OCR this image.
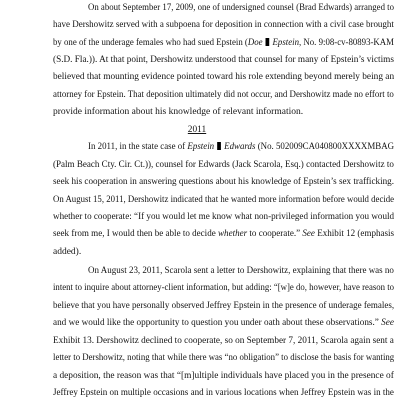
On about September 17, 2009, one of undersigned counsel (Brad Edwards) arranged to
have Dershowitz served with a subpoena for deposition in connection with a civil case brought
by one of the underage females who had sued Epstein (Doe Epstein, No. 9:08-cv-80893-KAM
(S.D. Fla.)). At that point, Dershowitz understood that counsel for many of Epstein’s victims
believed that mounting evidence pointed toward his role extending beyond merely being an
attorney for Epstein. That deposition ultimately did not occur, and Dershowitz made no effort to
provide information about his knowledge of relevant information.
2011
In 2011, in the state case of Epstein Edwards (No. 502009CA040800XXXXMBAG
(Palm Beach Cty. Cir. Ct.)), counsel for Edwards (Jack Scarola, Esq.) contacted Dershowitz to
seek his cooperation in answering questions about his knowledge of Epstein’s sex trafficking.
On August 15, 2011, Dershowitz indicated that he wanted more information before would decide
whether to cooperate: “If you would let me know what non-privileged information you would
seek from me, I would then be able to decide whether to cooperate.” See Exhibit 12 (emphasis
added).
On August 23, 2011, Scarola sent a letter to Dershowitz, explaining that there was no
intent to inquire about attorney-client information, but adding: “[w]e do, however, have reason to
believe that you have personally observed Jeffrey Epstein in the presence of underage females,
and we would like the opportunity to question you under oath about these observations.” See
Exhibit 13. Dershowitz declined to cooperate, so on September 7, 2011, Scarola again sent a
letter to Dershowitz, noting that while there was “no obligation” to disclose the basis for wanting
a deposition, the reason was that “[m]ultiple individuals have placed you in the presence of
Jeffrey Epstein on multiple occasions and in various locations when Jeffrey Epstein was in the
